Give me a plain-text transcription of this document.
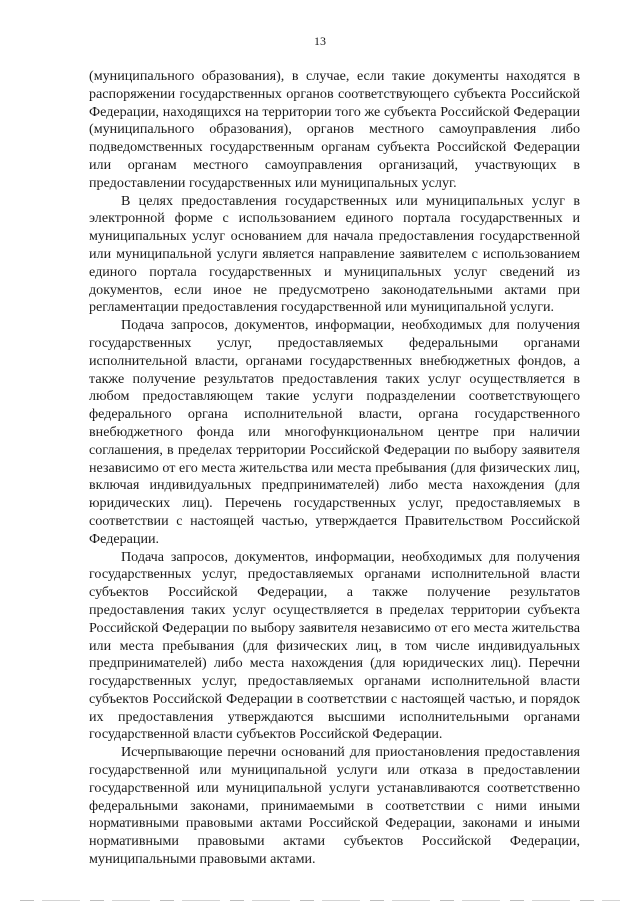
13

(муниципального образования), в случае, если такие документы находятся в распоряжении государственных органов соответствующего субъекта Российской Федерации, находящихся на территории того же субъекта Российской Федерации (муниципального образования), органов местного самоуправления либо подведомственных государственным органам субъекта Российской Федерации или органам местного самоуправления организаций, участвующих в предоставлении государственных или муниципальных услуг.

В целях предоставления государственных или муниципальных услуг в электронной форме с использованием единого портала государственных и муниципальных услуг основанием для начала предоставления государственной или муниципальной услуги является направление заявителем с использованием единого портала государственных и муниципальных услуг сведений из документов, если иное не предусмотрено законодательными актами при регламентации предоставления государственной или муниципальной услуги.

Подача запросов, документов, информации, необходимых для получения государственных услуг, предоставляемых федеральными органами исполнительной власти, органами государственных внебюджетных фондов, а также получение результатов предоставления таких услуг осуществляется в любом предоставляющем такие услуги подразделении соответствующего федерального органа исполнительной власти, органа государственного внебюджетного фонда или многофункциональном центре при наличии соглашения, в пределах территории Российской Федерации по выбору заявителя независимо от его места жительства или места пребывания (для физических лиц, включая индивидуальных предпринимателей) либо места нахождения (для юридических лиц). Перечень государственных услуг, предоставляемых в соответствии с настоящей частью, утверждается Правительством Российской Федерации.

Подача запросов, документов, информации, необходимых для получения государственных услуг, предоставляемых органами исполнительной власти субъектов Российской Федерации, а также получение результатов предоставления таких услуг осуществляется в пределах территории субъекта Российской Федерации по выбору заявителя независимо от его места жительства или места пребывания (для физических лиц, в том числе индивидуальных предпринимателей) либо места нахождения (для юридических лиц). Перечни государственных услуг, предоставляемых органами исполнительной власти субъектов Российской Федерации в соответствии с настоящей частью, и порядок их предоставления утверждаются высшими исполнительными органами государственной власти субъектов Российской Федерации.

Исчерпывающие перечни оснований для приостановления предоставления государственной или муниципальной услуги или отказа в предоставлении государственной или муниципальной услуги устанавливаются соответственно федеральными законами, принимаемыми в соответствии с ними иными нормативными правовыми актами Российской Федерации, законами и иными нормативными правовыми актами субъектов Российской Федерации, муниципальными правовыми актами.
